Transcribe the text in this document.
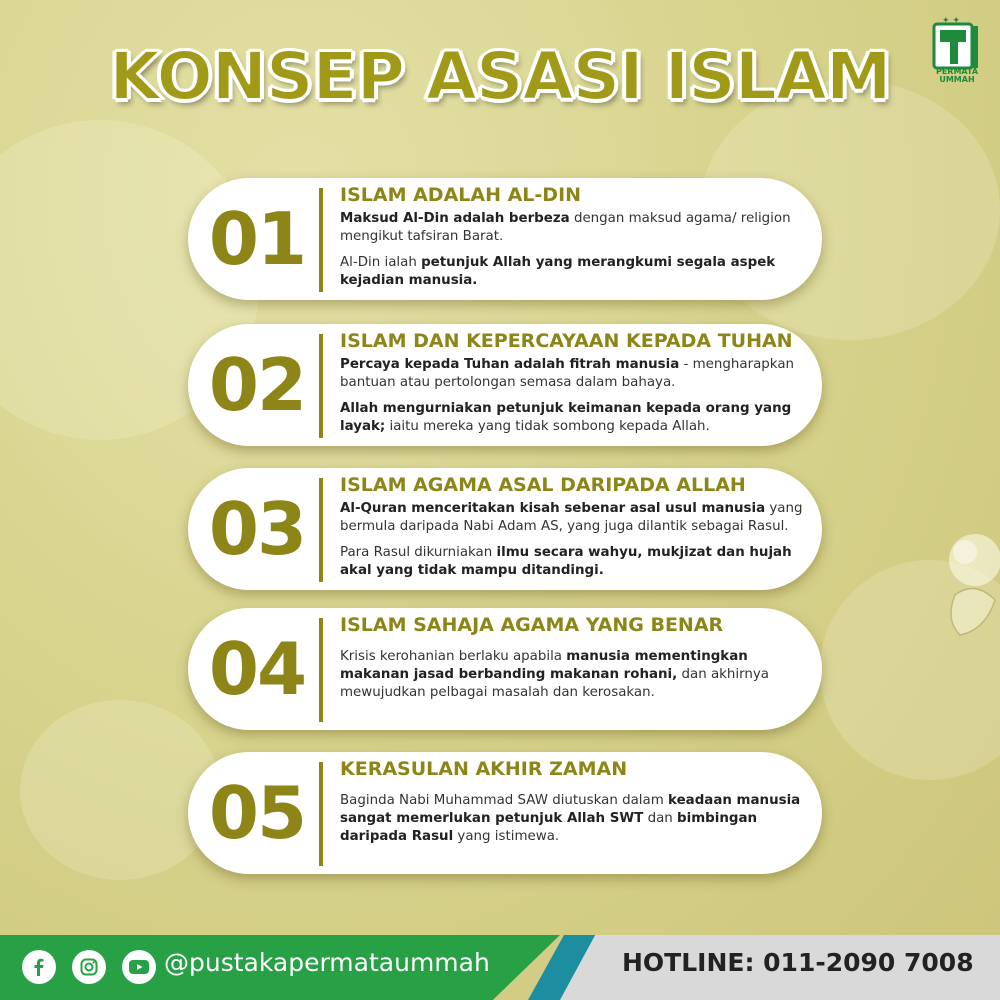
KONSEP ASASI ISLAM
✦ ✦
PERMATA
UMMAH
01
ISLAM ADALAH AL-DIN
Maksud Al-Din adalah berbeza dengan maksud agama/ religion mengikut tafsiran Barat.
Al-Din ialah petunjuk Allah yang merangkumi segala aspek kejadian manusia.
02
ISLAM DAN KEPERCAYAAN KEPADA TUHAN
Percaya kepada Tuhan adalah fitrah manusia - mengharapkan bantuan atau pertolongan semasa dalam bahaya.
Allah mengurniakan petunjuk keimanan kepada orang yang layak; iaitu mereka yang tidak sombong kepada Allah.
03
ISLAM AGAMA ASAL DARIPADA ALLAH
Al-Quran menceritakan kisah sebenar asal usul manusia yang bermula daripada Nabi Adam AS, yang juga dilantik sebagai Rasul.
Para Rasul dikurniakan ilmu secara wahyu, mukjizat dan hujah akal yang tidak mampu ditandingi.
04
ISLAM SAHAJA AGAMA YANG BENAR
Krisis kerohanian berlaku apabila manusia mementingkan makanan jasad berbanding makanan rohani, dan akhirnya mewujudkan pelbagai masalah dan kerosakan.
05
KERASULAN AKHIR ZAMAN
Baginda Nabi Muhammad SAW diutuskan dalam keadaan manusia sangat memerlukan petunjuk Allah SWT dan bimbingan daripada Rasul yang istimewa.
@pustakapermataummah	HOTLINE: 011-2090 7008
